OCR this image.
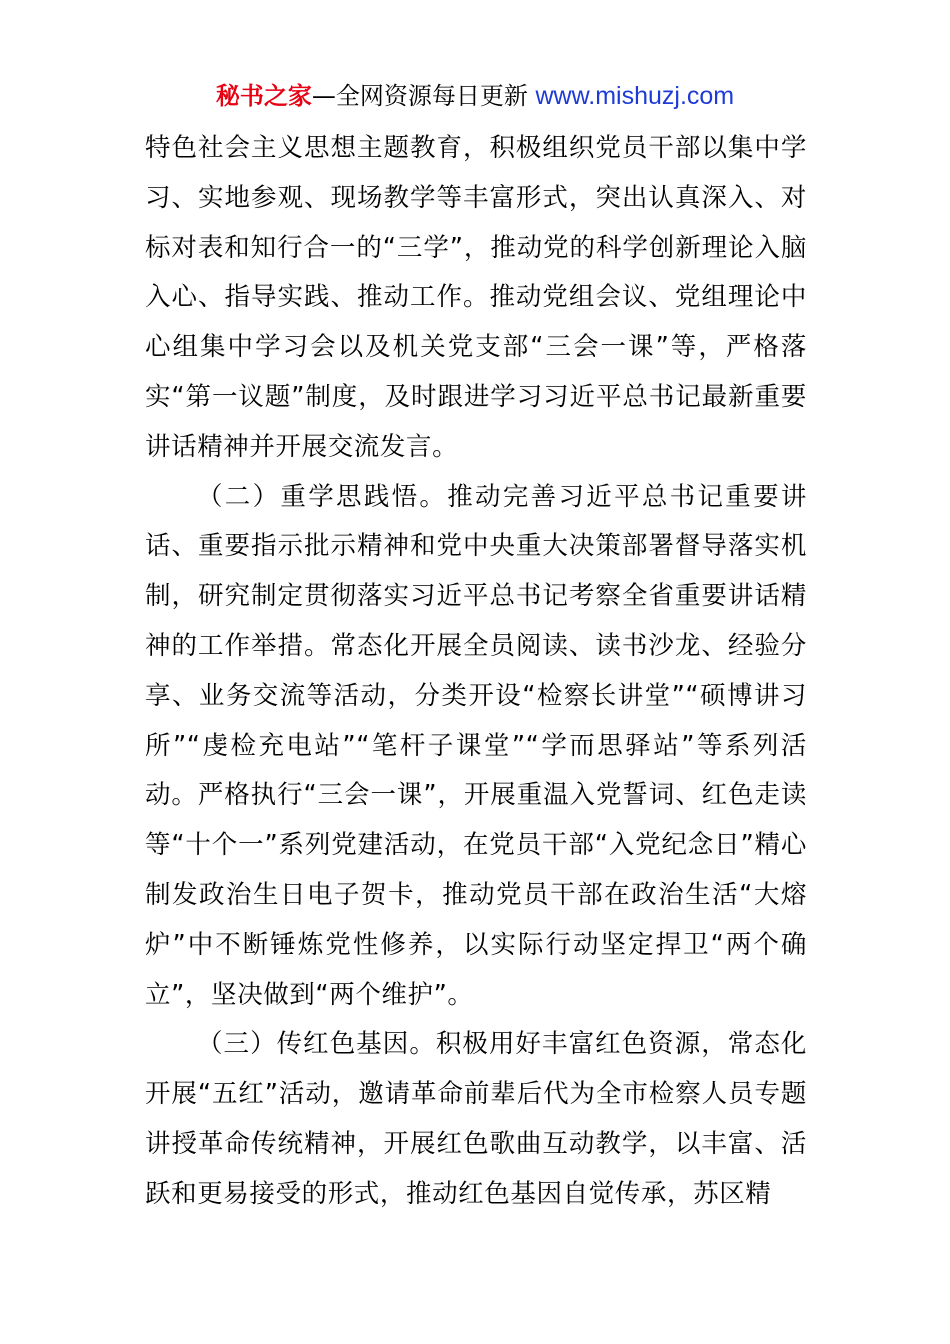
秘书之家—全网资源每日更新 www.mishuzj.com

特色社会主义思想主题教育，积极组织党员干部以集中学习、实地参观、现场教学等丰富形式，突出认真深入、对标对表和知行合一的“三学”，推动党的科学创新理论入脑入心、指导实践、推动工作。推动党组会议、党组理论中心组集中学习会以及机关党支部“三会一课”等，严格落实“第一议题”制度，及时跟进学习习近平总书记最新重要讲话精神并开展交流发言。

（二）重学思践悟。推动完善习近平总书记重要讲话、重要指示批示精神和党中央重大决策部署督导落实机制，研究制定贯彻落实习近平总书记考察全省重要讲话精神的工作举措。常态化开展全员阅读、读书沙龙、经验分享、业务交流等活动，分类开设“检察长讲堂”“硕博讲习所”“虔检充电站”“笔杆子课堂”“学而思驿站”等系列活动。严格执行“三会一课”，开展重温入党誓词、红色走读等“十个一”系列党建活动，在党员干部“入党纪念日”精心制发政治生日电子贺卡，推动党员干部在政治生活“大熔炉”中不断锤炼党性修养，以实际行动坚定捍卫“两个确立”，坚决做到“两个维护”。

（三）传红色基因。积极用好丰富红色资源，常态化开展“五红”活动，邀请革命前辈后代为全市检察人员专题讲授革命传统精神，开展红色歌曲互动教学，以丰富、活跃和更易接受的形式，推动红色基因自觉传承，苏区精
